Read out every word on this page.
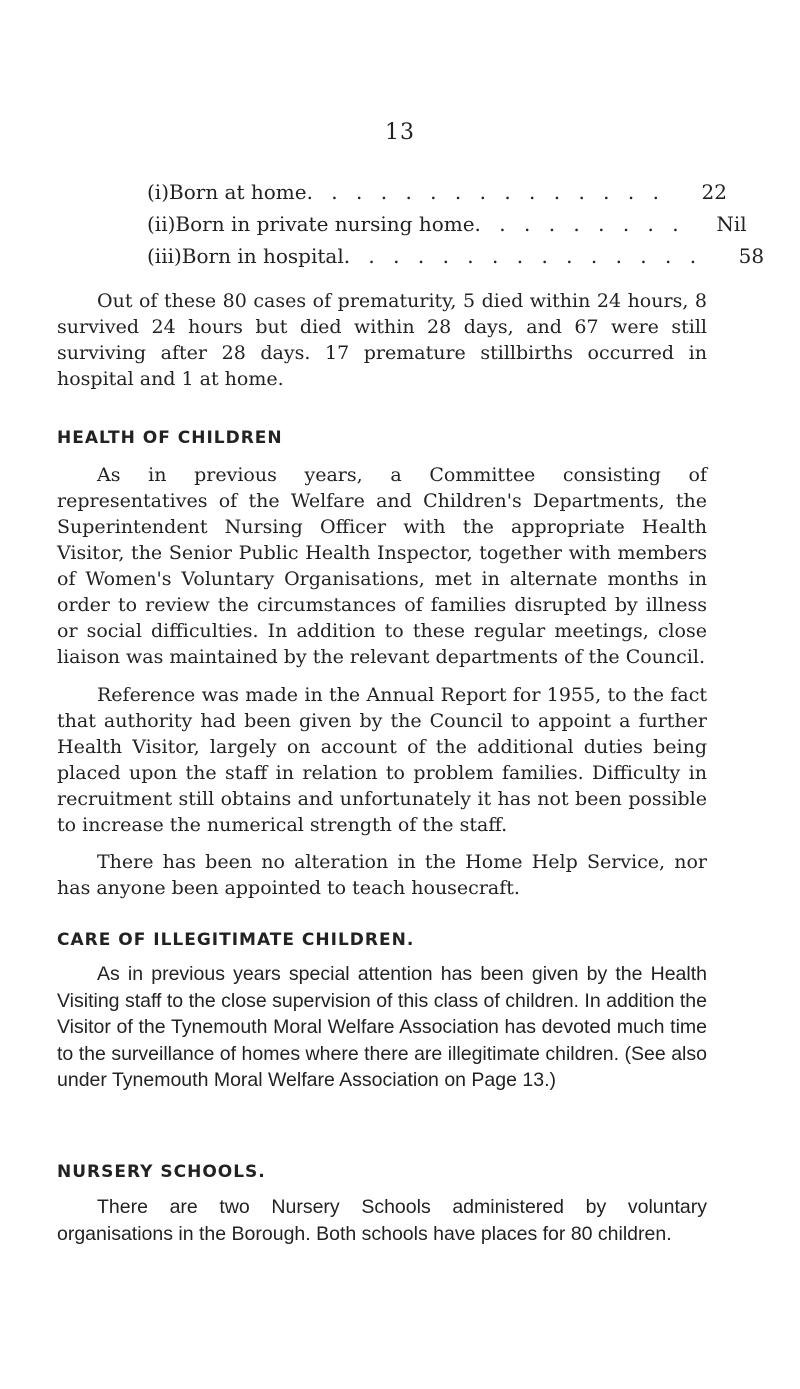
13
(i) Born at home . . . . . . . . . . . . . . .	22
(ii) Born in private nursing home . . . . . . . . .	Nil
(iii) Born in hospital . . . . . . . . . . . . . . .	58

Out of these 80 cases of prematurity, 5 died within 24 hours, 8 survived 24 hours but died within 28 days, and 67 were still surviving after 28 days. 17 premature stillbirths occurred in hospital and 1 at home.

HEALTH OF CHILDREN

As in previous years, a Committee consisting of representatives of the Welfare and Children's Departments, the Superintendent Nursing Officer with the appropriate Health Visitor, the Senior Public Health Inspector, together with members of Women's Voluntary Organisations, met in alternate months in order to review the circumstances of families disrupted by illness or social difficulties. In addition to these regular meetings, close liaison was maintained by the relevant departments of the Council.

Reference was made in the Annual Report for 1955, to the fact that authority had been given by the Council to appoint a further Health Visitor, largely on account of the additional duties being placed upon the staff in relation to problem families. Difficulty in recruitment still obtains and unfortunately it has not been possible to increase the numerical strength of the staff.

There has been no alteration in the Home Help Service, nor has anyone been appointed to teach housecraft.

CARE OF ILLEGITIMATE CHILDREN.

As in previous years special attention has been given by the Health Visiting staff to the close supervision of this class of children. In addition the Visitor of the Tynemouth Moral Welfare Association has devoted much time to the surveillance of homes where there are illegitimate children. (See also under Tynemouth Moral Welfare Association on Page 13.)

NURSERY SCHOOLS.

There are two Nursery Schools administered by voluntary organisations in the Borough. Both schools have places for 80 children.
